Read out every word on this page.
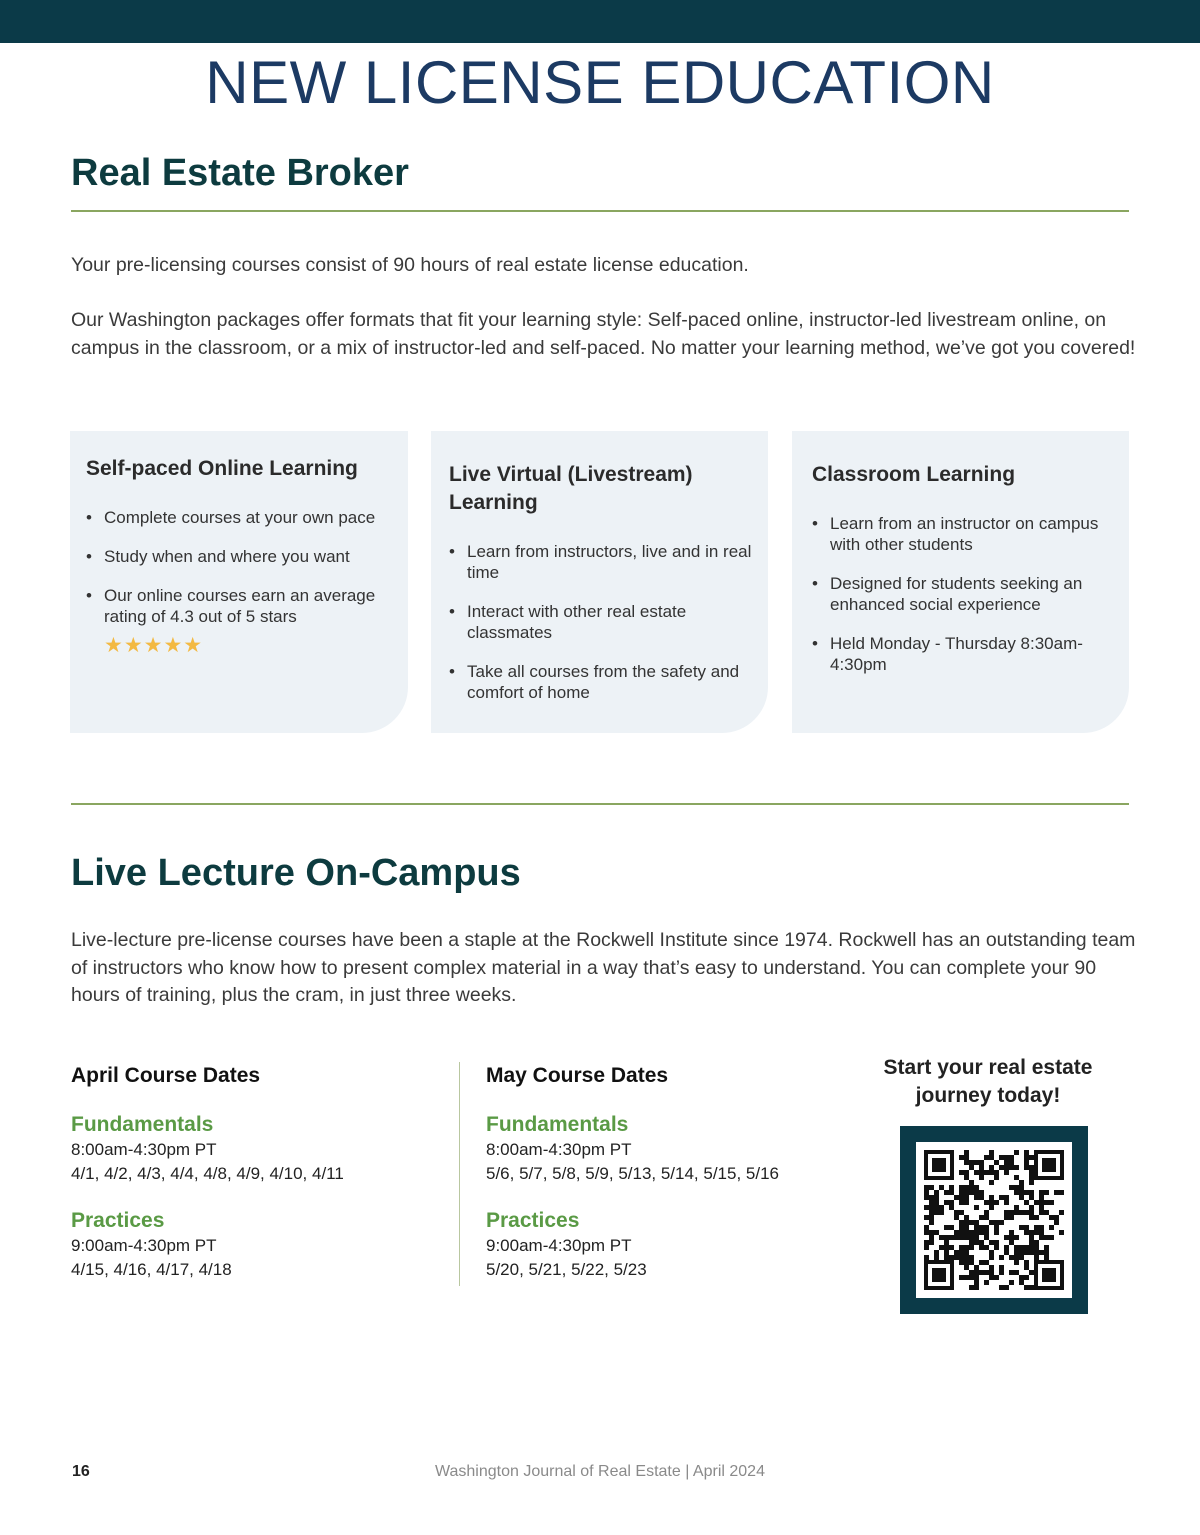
NEW LICENSE EDUCATION
Real Estate Broker

Your pre-licensing courses consist of 90 hours of real estate license education.

Our Washington packages offer formats that fit your learning style: Self-paced online, instructor-led livestream online, on campus in the classroom, or a mix of instructor-led and self-paced. No matter your learning method, we’ve got you covered!

Self-paced Online Learning
• Complete courses at your own pace
• Study when and where you want
• Our online courses earn an average rating of 4.3 out of 5 stars
★★★★★
Live Virtual (Livestream) Learning
• Learn from instructors, live and in real time
• Interact with other real estate classmates
• Take all courses from the safety and comfort of home
Classroom Learning
• Learn from an instructor on campus with other students
• Designed for students seeking an enhanced social experience
• Held Monday - Thursday 8:30am-4:30pm
Live Lecture On-Campus

Live-lecture pre-license courses have been a staple at the Rockwell Institute since 1974. Rockwell has an outstanding team of instructors who know how to present complex material in a way that’s easy to understand. You can complete your 90 hours of training, plus the cram, in just three weeks.

April Course Dates
Fundamentals
8:00am-4:30pm PT
4/1, 4/2, 4/3, 4/4, 4/8, 4/9, 4/10, 4/11
Practices
9:00am-4:30pm PT
4/15, 4/16, 4/17, 4/18
May Course Dates
Fundamentals
8:00am-4:30pm PT
5/6, 5/7, 5/8, 5/9, 5/13, 5/14, 5/15, 5/16
Practices
9:00am-4:30pm PT
5/20, 5/21, 5/22, 5/23
Start your real estate
journey today!
16	Washington Journal of Real Estate | April 2024
